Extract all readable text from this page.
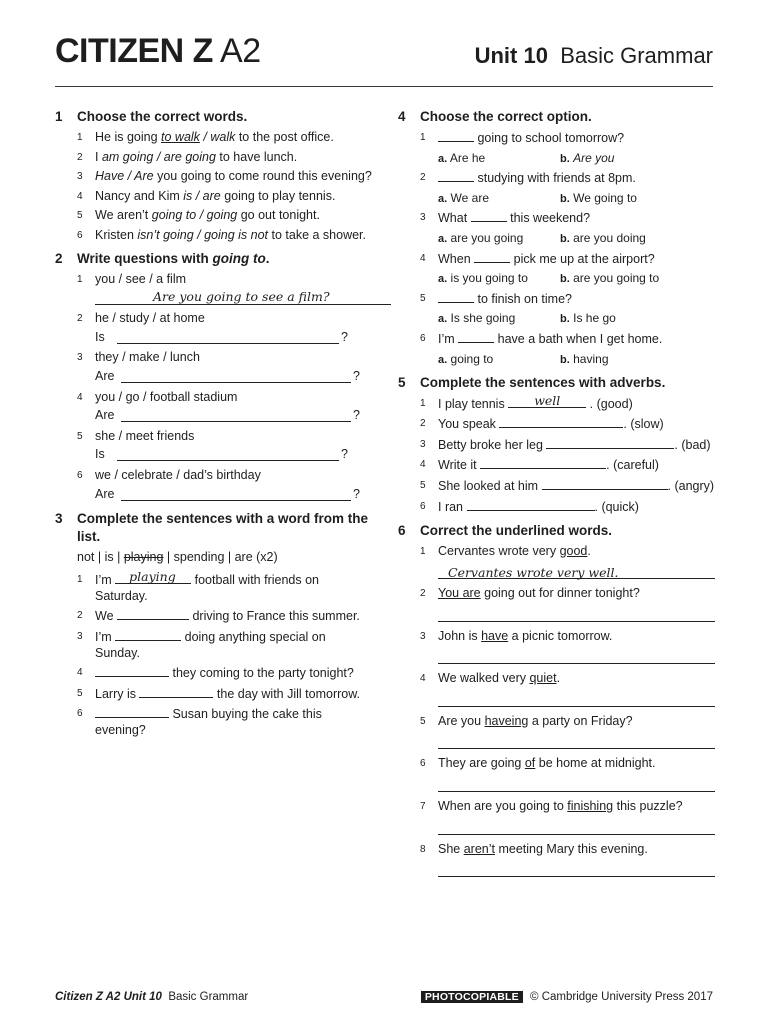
CITIZEN Z A2	Unit 10 Basic Grammar
1 Choose the correct words.
1 He is going to walk / walk to the post office.
2 I am going / are going to have lunch.
3 Have / Are you going to come round this evening?
4 Nancy and Kim is / are going to play tennis.
5 We aren’t going to / going go out tonight.
6 Kristen isn’t going / going is not to take a shower.
2 Write questions with going to.
1 you / see / a film
Are you going to see a film?
2 he / study / at home
Is	?
3 they / make / lunch
Are	?
4 you / go / football stadium
Are	?
5 she / meet friends
Is	?
6 we / celebrate / dad’s birthday
Are	?
3 Complete the sentences with a word from the list.
not | is | playing | spending | are (x2)
1 I’m playing football with friends on Saturday.
2 We	driving to France this summer.
3 I’m	doing anything special on Sunday.
4	they coming to the party tonight?
5 Larry is	the day with Jill tomorrow.
6	Susan buying the cake this evening?
4 Choose the correct option.
1	going to school tomorrow?
a. Are he	b. Are you
2	studying with friends at 8pm.
a. We are	b. We going to
3 What	this weekend?
a. are you going	b. are you doing
4 When	pick me up at the airport?
a. is you going to	b. are you going to
5	to finish on time?
a. Is she going	b. Is he go
6 I’m	have a bath when I get home.
a. going to	b. having
5 Complete the sentences with adverbs.
1 I play tennis well . (good)
2 You speak	. (slow)
3 Betty broke her leg	. (bad)
4 Write it	. (careful)
5 She looked at him	. (angry)
6 I ran	. (quick)
6 Correct the underlined words.
1 Cervantes wrote very good.
Cervantes wrote very well.
2 You are going out for dinner tonight?
3 John is have a picnic tomorrow.
4 We walked very quiet.
5 Are you haveing a party on Friday?
6 They are going of be home at midnight.
7 When are you going to finishing this puzzle?
8 She aren’t meeting Mary this evening.
Citizen Z A2 Unit 10 Basic Grammar	PHOTOCOPIABLE © Cambridge University Press 2017
